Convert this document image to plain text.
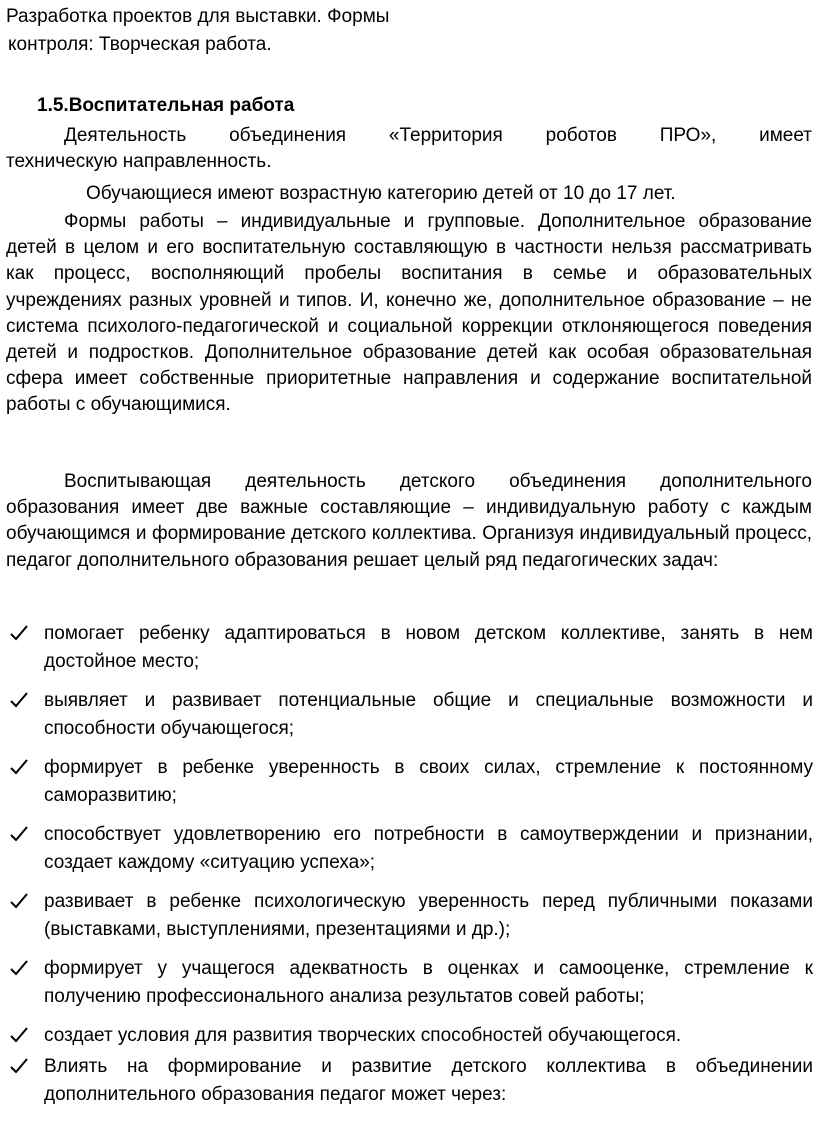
Разработка проектов для выставки. Формы
контроля: Творческая работа.
1.5.Воспитательная работа
Деятельность объединения «Территория роботов ПРО», имеет
техническую направленность.
Обучающиеся имеют возрастную категорию детей от 10 до 17 лет.
Формы работы – индивидуальные и групповые. Дополнительное образование детей в целом и его воспитательную составляющую в частности нельзя рассматривать как процесс, восполняющий пробелы воспитания в семье и образовательных учреждениях разных уровней и типов. И, конечно же, дополнительное образование – не система психолого-педагогической и социальной коррекции отклоняющегося поведения детей и подростков. Дополнительное образование детей как особая образовательная сфера имеет собственные приоритетные направления и содержание воспитательной работы с обучающимися.
Воспитывающая деятельность детского объединения дополнительного образования имеет две важные составляющие – индивидуальную работу с каждым обучающимся и формирование детского коллектива. Организуя индивидуальный процесс, педагог дополнительного образования решает целый ряд педагогических задач:
помогает ребенку адаптироваться в новом детском коллективе, занять в нем достойное место;
выявляет и развивает потенциальные общие и специальные возможности и способности обучающегося;
формирует в ребенке уверенность в своих силах, стремление к постоянному саморазвитию;
способствует удовлетворению его потребности в самоутверждении и признании, создает каждому «ситуацию успеха»;
развивает в ребенке психологическую уверенность перед публичными показами (выставками, выступлениями, презентациями и др.);
формирует у учащегося адекватность в оценках и самооценке, стремление к получению профессионального анализа результатов совей работы;
создает условия для развития творческих способностей обучающегося.
Влиять на формирование и развитие детского коллектива в объединении дополнительного образования педагог может через:
